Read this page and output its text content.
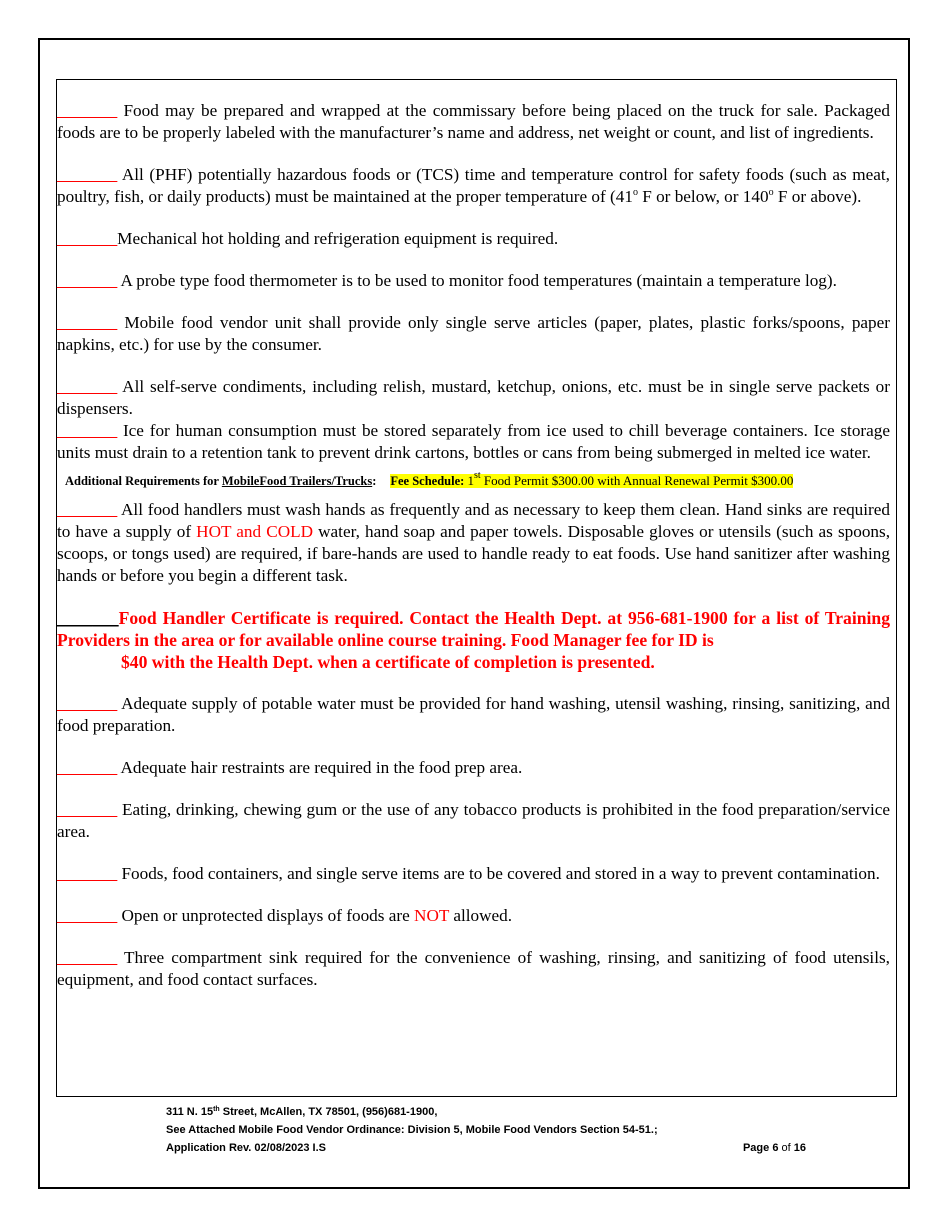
_______ Food may be prepared and wrapped at the commissary before being placed on the truck for sale. Packaged foods are to be properly labeled with the manufacturer’s name and address, net weight or count, and list of ingredients.

_______ All (PHF) potentially hazardous foods or (TCS) time and temperature control for safety foods (such as meat, poultry, fish, or daily products) must be maintained at the proper temperature of (41$^o$ F or below, or 140$^o$ F or above).

_______Mechanical hot holding and refrigeration equipment is required.

_______ A probe type food thermometer is to be used to monitor food temperatures (maintain a temperature log).

_______ Mobile food vendor unit shall provide only single serve articles (paper, plates, plastic forks/spoons, paper napkins, etc.) for use by the consumer.

_______ All self-serve condiments, including relish, mustard, ketchup, onions, etc. must be in single serve packets or dispensers.

_______ Ice for human consumption must be stored separately from ice used to chill beverage containers. Ice storage units must drain to a retention tank to prevent drink cartons, bottles or cans from being submerged in melted ice water.

Additional Requirements for MobileFood Trailers/Trucks: Fee Schedule: 1st Food Permit $300.00 with Annual Renewal Permit $300.00

_______ All food handlers must wash hands as frequently and as necessary to keep them clean. Hand sinks are required to have a supply of HOT and COLD water, hand soap and paper towels. Disposable gloves or utensils (such as spoons, scoops, or tongs used) are required, if bare-hands are used to handle ready to eat foods. Use hand sanitizer after washing hands or before you begin a different task.

_______Food Handler Certificate is required. Contact the Health Dept. at 956-681-1900 for a list of Training Providers in the area or for available online course training. Food Manager fee for ID is
$40 with the Health Dept. when a certificate of completion is presented.

_______ Adequate supply of potable water must be provided for hand washing, utensil washing, rinsing, sanitizing, and food preparation.

_______ Adequate hair restraints are required in the food prep area.

_______ Eating, drinking, chewing gum or the use of any tobacco products is prohibited in the food preparation/service area.

_______ Foods, food containers, and single serve items are to be covered and stored in a way to prevent contamination.

_______ Open or unprotected displays of foods are NOT allowed.

_______ Three compartment sink required for the convenience of washing, rinsing, and sanitizing of food utensils, equipment, and food contact surfaces.

311 N. 15th Street, McAllen, TX 78501, (956)681-1900,
See Attached Mobile Food Vendor Ordinance: Division 5, Mobile Food Vendors Section 54-51.;
Application Rev. 02/08/2023 I.S	Page 6 of 16
